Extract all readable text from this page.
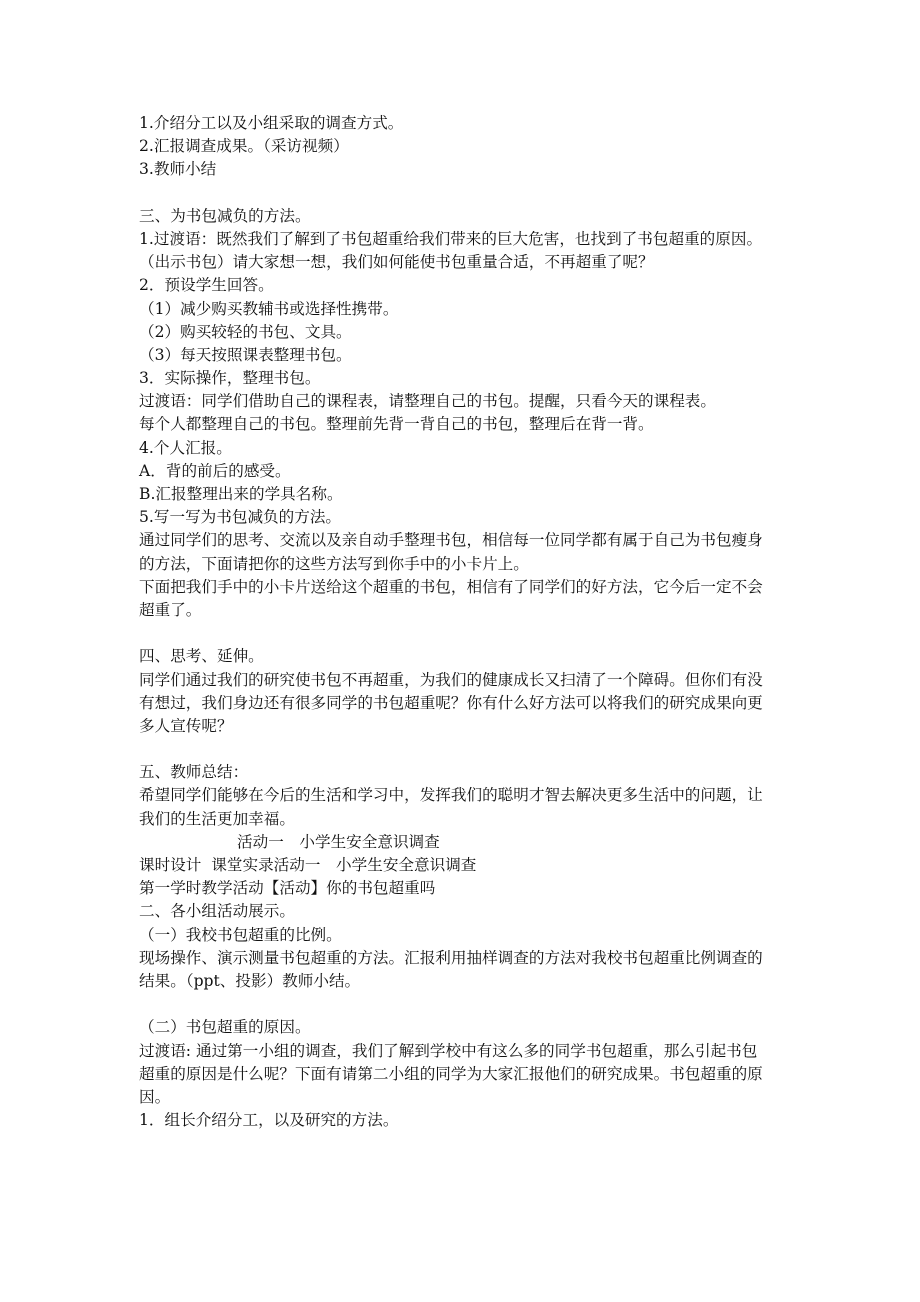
1.介绍分工以及小组采取的调查方式。
2.汇报调查成果。（采访视频）
3.教师小结
三、为书包减负的方法。
1.过渡语：既然我们了解到了书包超重给我们带来的巨大危害，也找到了书包超重的原因。
（出示书包）请大家想一想，我们如何能使书包重量合适，不再超重了呢？
2．预设学生回答。
（1）减少购买教辅书或选择性携带。
（2）购买较轻的书包、文具。
（3）每天按照课表整理书包。
3．实际操作，整理书包。
过渡语：同学们借助自己的课程表，请整理自己的书包。提醒，只看今天的课程表。
每个人都整理自己的书包。整理前先背一背自己的书包，整理后在背一背。
4.个人汇报。
A．背的前后的感受。
B.汇报整理出来的学具名称。
5.写一写为书包减负的方法。
通过同学们的思考、交流以及亲自动手整理书包，相信每一位同学都有属于自己为书包瘦身
的方法，下面请把你的这些方法写到你手中的小卡片上。
下面把我们手中的小卡片送给这个超重的书包，相信有了同学们的好方法，它今后一定不会
超重了。
四、思考、延伸。
同学们通过我们的研究使书包不再超重，为我们的健康成长又扫清了一个障碍。但你们有没
有想过，我们身边还有很多同学的书包超重呢？你有什么好方法可以将我们的研究成果向更
多人宣传呢？
五、教师总结：
希望同学们能够在今后的生活和学习中，发挥我们的聪明才智去解决更多生活中的问题，让
我们的生活更加幸福。
活动一　小学生安全意识调查
课时设计  课堂实录活动一　小学生安全意识调查
第一学时教学活动【活动】你的书包超重吗
二、各小组活动展示。
（一）我校书包超重的比例。
现场操作、演示测量书包超重的方法。汇报利用抽样调查的方法对我校书包超重比例调查的
结果。（ppt、投影）教师小结。
（二）书包超重的原因。
过渡语: 通过第一小组的调查，我们了解到学校中有这么多的同学书包超重，那么引起书包
超重的原因是什么呢？下面有请第二小组的同学为大家汇报他们的研究成果。书包超重的原
因。
1．组长介绍分工，以及研究的方法。
